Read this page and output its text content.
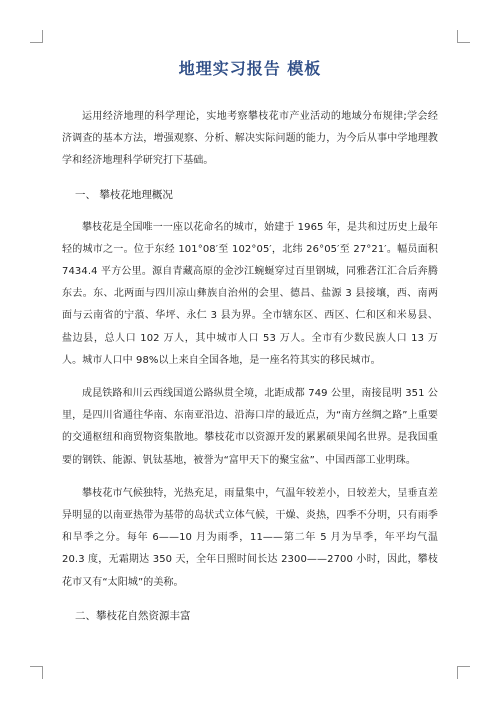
地理实习报告 模板

运用经济地理的科学理论，实地考察攀枝花市产业活动的地域分布规律;学会经济调查的基本方法，增强观察、分析、解决实际问题的能力，为今后从事中学地理教学和经济地理科学研究打下基础。

一、 攀枝花地理概况

攀枝花是全国唯一一座以花命名的城市，始建于 1965 年，是共和过历史上最年轻的城市之一。位于东经 101°08′至 102°05′，北纬 26°05′至 27°21′。幅员面积 7434.4 平方公里。源自青藏高原的金沙江蜿蜒穿过百里钢城，同雅砻江汇合后奔腾东去。东、北两面与四川凉山彝族自治州的会里、德昌、盐源 3 县接壤，西、南两面与云南省的宁蒗、华坪、永仁 3 县为界。全市辖东区、西区、仁和区和米易县、盐边县，总人口 102 万人，其中城市人口 53 万人。全市有少数民族人口 13 万人。城市人口中 98%以上来自全国各地，是一座名符其实的移民城市。

成昆铁路和川云西线国道公路纵贯全境，北距成都 749 公里，南接昆明 351 公里，是四川省通往华南、东南亚沿边、沿海口岸的最近点，为“南方丝绸之路”上重要的交通枢纽和商贸物资集散地。攀枝花市以资源开发的累累硕果闻名世界。是我国重要的钢铁、能源、钒钛基地，被誉为“富甲天下的聚宝盆”、中国西部工业明珠。

攀枝花市气候独特，光热充足，雨量集中，气温年较差小，日较差大，呈垂直差异明显的以南亚热带为基带的岛状式立体气候，干燥、炎热，四季不分明，只有雨季和旱季之分。每年 6——10 月为雨季，11——第二年 5 月为旱季，年平均气温 20.3 度，无霜期达 350 天，全年日照时间长达 2300——2700 小时，因此，攀枝花市又有“太阳城”的美称。

二、攀枝花自然资源丰富
